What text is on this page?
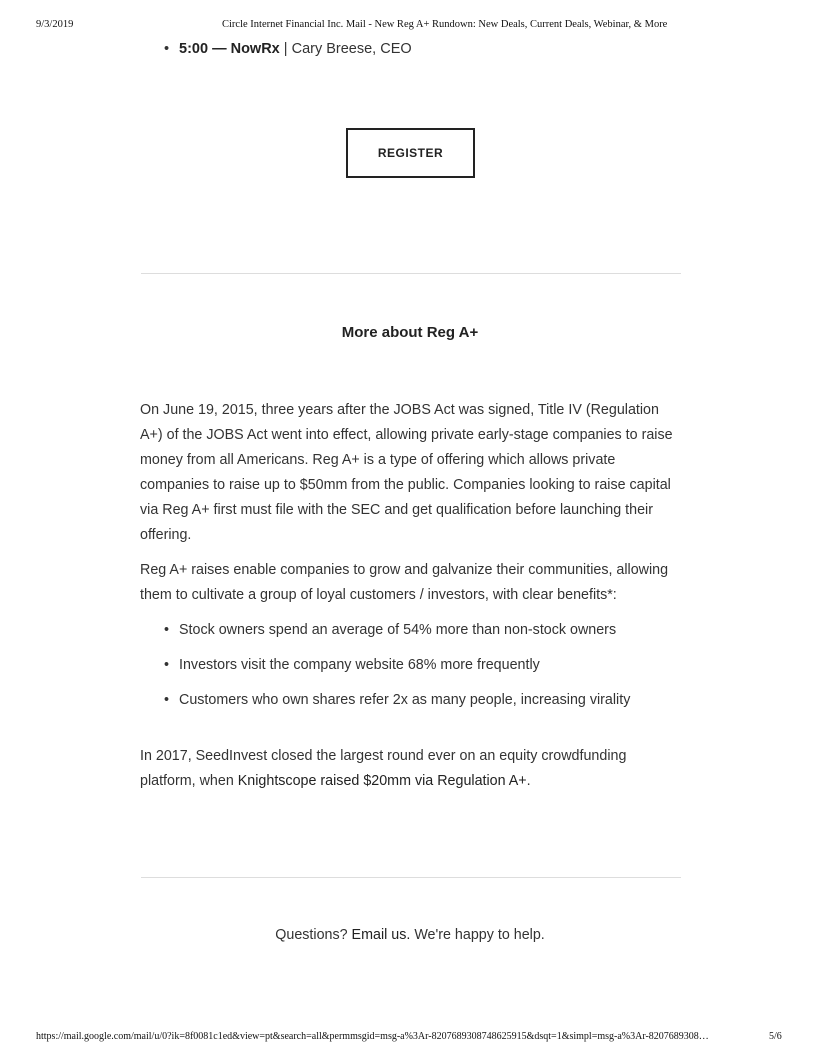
9/3/2019	Circle Internet Financial Inc. Mail - New Reg A+ Rundown: New Deals, Current Deals, Webinar, & More

• 5:00 — NowRx | Cary Breese, CEO

REGISTER
More about Reg A+

On June 19, 2015, three years after the JOBS Act was signed, Title IV (Regulation A+) of the JOBS Act went into effect, allowing private early-stage companies to raise money from all Americans. Reg A+ is a type of offering which allows private companies to raise up to $50mm from the public. Companies looking to raise capital via Reg A+ first must file with the SEC and get qualification before launching their offering.

Reg A+ raises enable companies to grow and galvanize their communities, allowing them to cultivate a group of loyal customers / investors, with clear benefits*:

• Stock owners spend an average of 54% more than non-stock owners
• Investors visit the company website 68% more frequently
• Customers who own shares refer 2x as many people, increasing virality

In 2017, SeedInvest closed the largest round ever on an equity crowdfunding platform, when Knightscope raised $20mm via Regulation A+.

Questions? Email us. We're happy to help.

https://mail.google.com/mail/u/0?ik=8f0081c1ed&view=pt&search=all&permmsgid=msg-a%3Ar-8207689308748625915&dsqt=1&simpl=msg-a%3Ar-8207689308…	5/6
